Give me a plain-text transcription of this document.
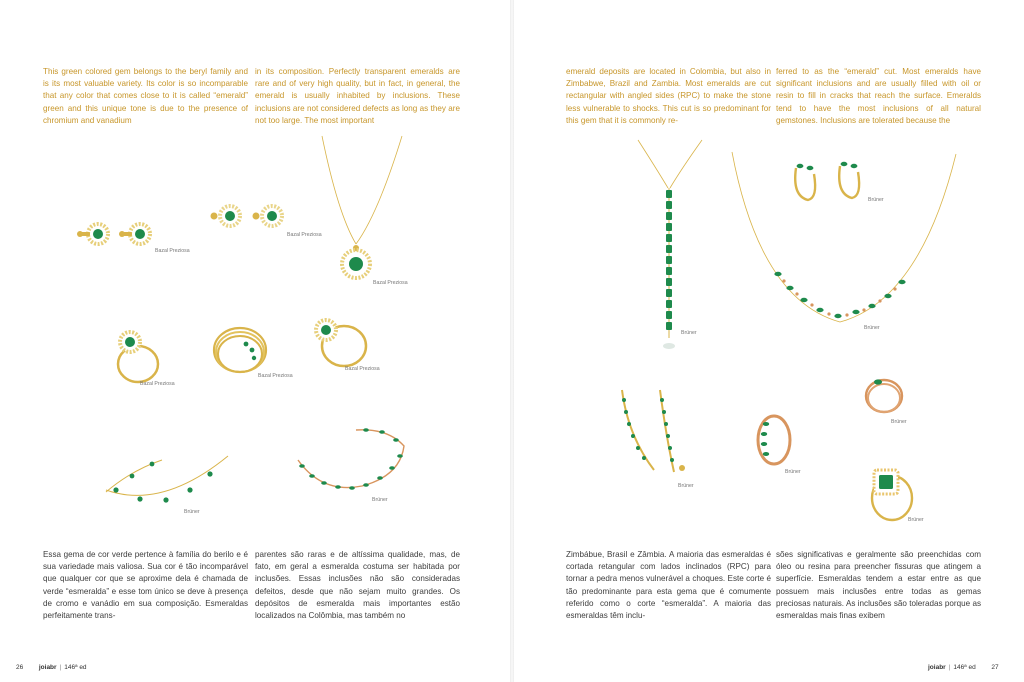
This green colored gem belongs to the beryl family and is its most valuable variety. Its color is so incomparable that any color that comes close to it is called “emerald” green and this unique tone is due to the presence of chromium and vanadium
in its composition. Perfectly transparent emeralds are rare and of very high quality, but in fact, in general, the emerald is usually inhabited by inclusions. These inclusions are not considered defects as long as they are not too large. The most important
Bazal Preziosa
Bazal Preziosa
Bazal Preziosa
Bazal Preziosa
Bazal Preziosa
Bazal Preziosa
Brüner
Brüner
Essa gema de cor verde pertence à família do berilo e é sua variedade mais valiosa. Sua cor é tão incomparável que qualquer cor que se aproxime dela é chamada de verde “esmeralda” e esse tom único se deve à presença de cromo e vanádio em sua composição. Esmeraldas perfeitamente trans-
parentes são raras e de altíssima qualidade, mas, de fato, em geral a esmeralda costuma ser habitada por inclusões. Essas inclusões não são consideradas defeitos, desde que não sejam muito grandes. Os depósitos de esmeralda mais importantes estão localizados na Colômbia, mas também no
26 joiabr | 146ª ed
emerald deposits are located in Colombia, but also in Zimbabwe, Brazil and Zambia. Most emeralds are cut rectangular with angled sides (RPC) to make the stone less vulnerable to shocks. This cut is so predominant for this gem that it is commonly re-
ferred to as the “emerald” cut. Most emeralds have significant inclusions and are usually filled with oil or resin to fill in cracks that reach the surface. Emeralds tend to have the most inclusions of all natural gemstones. Inclusions are tolerated because the
Brüner
Brüner
Brüner
Brüner
Brüner
Brüner
Brüner
Zimbábue, Brasil e Zâmbia. A maioria das esmeraldas é cortada retangular com lados inclinados (RPC) para tornar a pedra menos vulnerável a choques. Este corte é tão predominante para esta gema que é comumente referido como o corte “esmeralda”. A maioria das esmeraldas têm inclu-
sões significativas e geralmente são preenchidas com óleo ou resina para preencher fissuras que atingem a superfície. Esmeraldas tendem a estar entre as que possuem mais inclusões entre todas as gemas preciosas naturais. As inclusões são toleradas porque as esmeraldas mais finas exibem
joiabr | 146ª ed 27
